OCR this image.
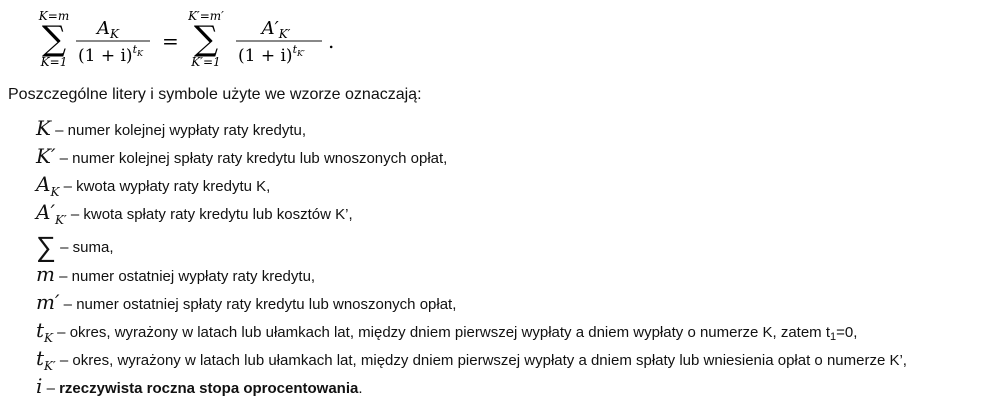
K=m
∑
K=1
$A_K$
$(1 + i)^tK$
=
K′=m′
∑
K′=1
$A'_{K'}$
$(1 + i)^tK'$
.
Poszczególne litery i symbole użyte we wzorze oznaczają:
K – numer kolejnej wypłaty raty kredytu,
K′ – numer kolejnej spłaty raty kredytu lub wnoszonych opłat,
$A_K$ – kwota wypłaty raty kredytu K,
$A'_{K'}$ – kwota spłaty raty kredytu lub kosztów K’,
∑ – suma,
m – numer ostatniej wypłaty raty kredytu,
m′ – numer ostatniej spłaty raty kredytu lub wnoszonych opłat,
$t_K$ – okres, wyrażony w latach lub ułamkach lat, między dniem pierwszej wypłaty a dniem wypłaty o numerze K, zatem $t_1=0$,
$t_{K'}$ – okres, wyrażony w latach lub ułamkach lat, między dniem pierwszej wypłaty a dniem spłaty lub wniesienia opłat o numerze K’,
i – rzeczywista roczna stopa oprocentowania.
